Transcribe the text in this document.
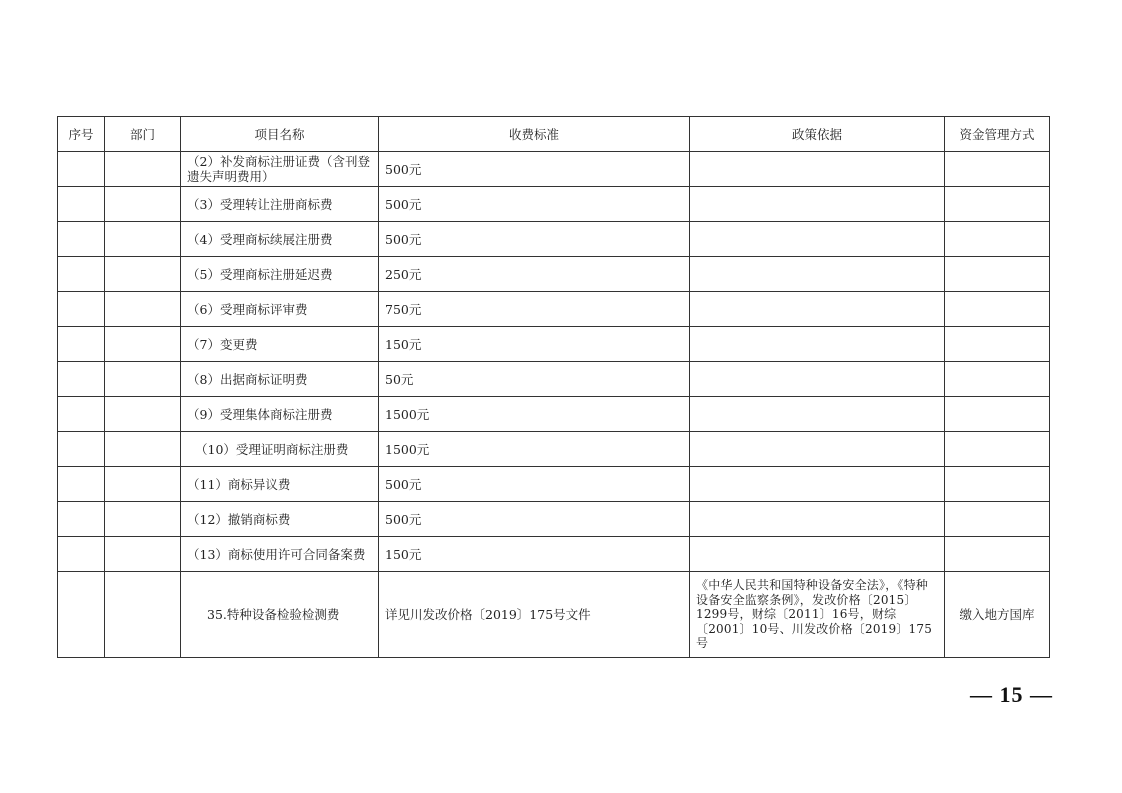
序号	部门	项目名称	收费标准	政策依据	资金管理方式
		（2）补发商标注册证费（含刊登遗失声明费用）	500元		
		（3）受理转让注册商标费	500元		
		（4）受理商标续展注册费	500元		
		（5）受理商标注册延迟费	250元		
		（6）受理商标评审费	750元		
		（7）变更费	150元		
		（8）出据商标证明费	50元		
		（9）受理集体商标注册费	1500元		
		（10）受理证明商标注册费	1500元		
		（11）商标异议费	500元		
		（12）撤销商标费	500元		
		（13）商标使用许可合同备案费	150元		
		35.特种设备检验检测费	详见川发改价格〔2019〕175号文件	《中华人民共和国特种设备安全法》，《特种设备安全监察条例》，发改价格〔2015〕1299号，财综〔2011〕16号，财综〔2001〕10号、川发改价格〔2019〕175号	缴入地方国库
— 15 —
